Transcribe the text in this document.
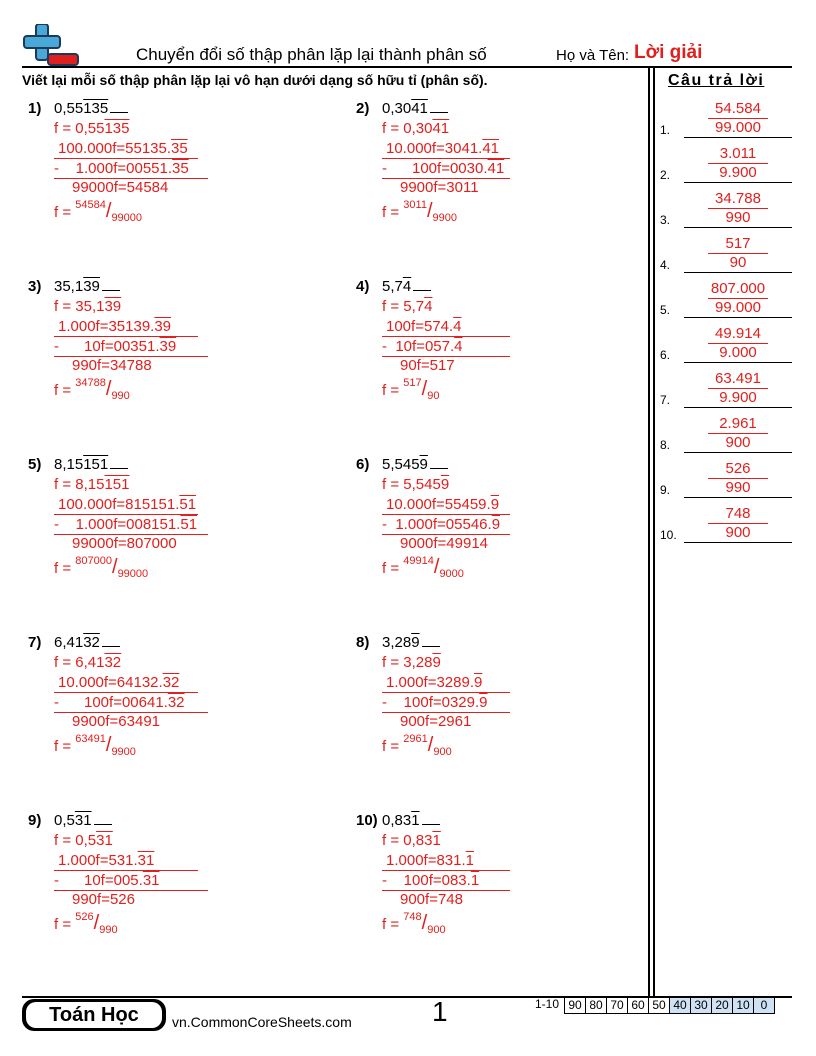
Chuyển đổi số thập phân lặp lại thành phân số	Họ và Tên: Lời giải
Viết lại mỗi số thập phân lặp lại vô hạn dưới dạng số hữu tỉ (phân số).	Câu trả lời
1. $\frac{54.584}{99.000}$
2. $\frac{3.011}{9.900}$
3. $\frac{34.788}{990}$
4. $\frac{517}{90}$
5. $\frac{807.000}{99.000}$
6. $\frac{49.914}{9.000}$
7. $\frac{63.491}{9.900}$
8. $\frac{2.961}{900}$
9. $\frac{526}{990}$
10. $\frac{748}{900}$
1) 0,55135
f = 0,55135
100.000f=55135.35
-    1.000f=00551.35
99000f=54584
$f = ^{54584}/_{99000}$
2) 0,3041
f = 0,3041
10.000f=3041.41
-      100f=0030.41
9900f=3011
$f = ^{3011}/_{9900}$
3) 35,139
f = 35,139
1.000f=35139.39
-      10f=00351.39
990f=34788
$f = ^{34788}/_{990}$
4) 5,74
f = 5,74
100f=574.4
-  10f=057.4
90f=517
$f = ^{517}/_{90}$
5) 8,15151
f = 8,15151
100.000f=815151.51
-    1.000f=008151.51
99000f=807000
$f = ^{807000}/_{99000}$
6) 5,5459
f = 5,5459
10.000f=55459.9
-  1.000f=05546.9
9000f=49914
$f = ^{49914}/_{9000}$
7) 6,4132
f = 6,4132
10.000f=64132.32
-      100f=00641.32
9900f=63491
$f = ^{63491}/_{9900}$
8) 3,289
f = 3,289
1.000f=3289.9
-    100f=0329.9
900f=2961
$f = ^{2961}/_{900}$
9) 0,531
f = 0,531
1.000f=531.31
-      10f=005.31
990f=526
$f = ^{526}/_{990}$
10) 0,831
f = 0,831
1.000f=831.1
-    100f=083.1
900f=748
$f = ^{748}/_{900}$
Toán Học	vn.CommonCoreSheets.com	1	1-10 90 80 70 60 50 40 30 20 10 0
